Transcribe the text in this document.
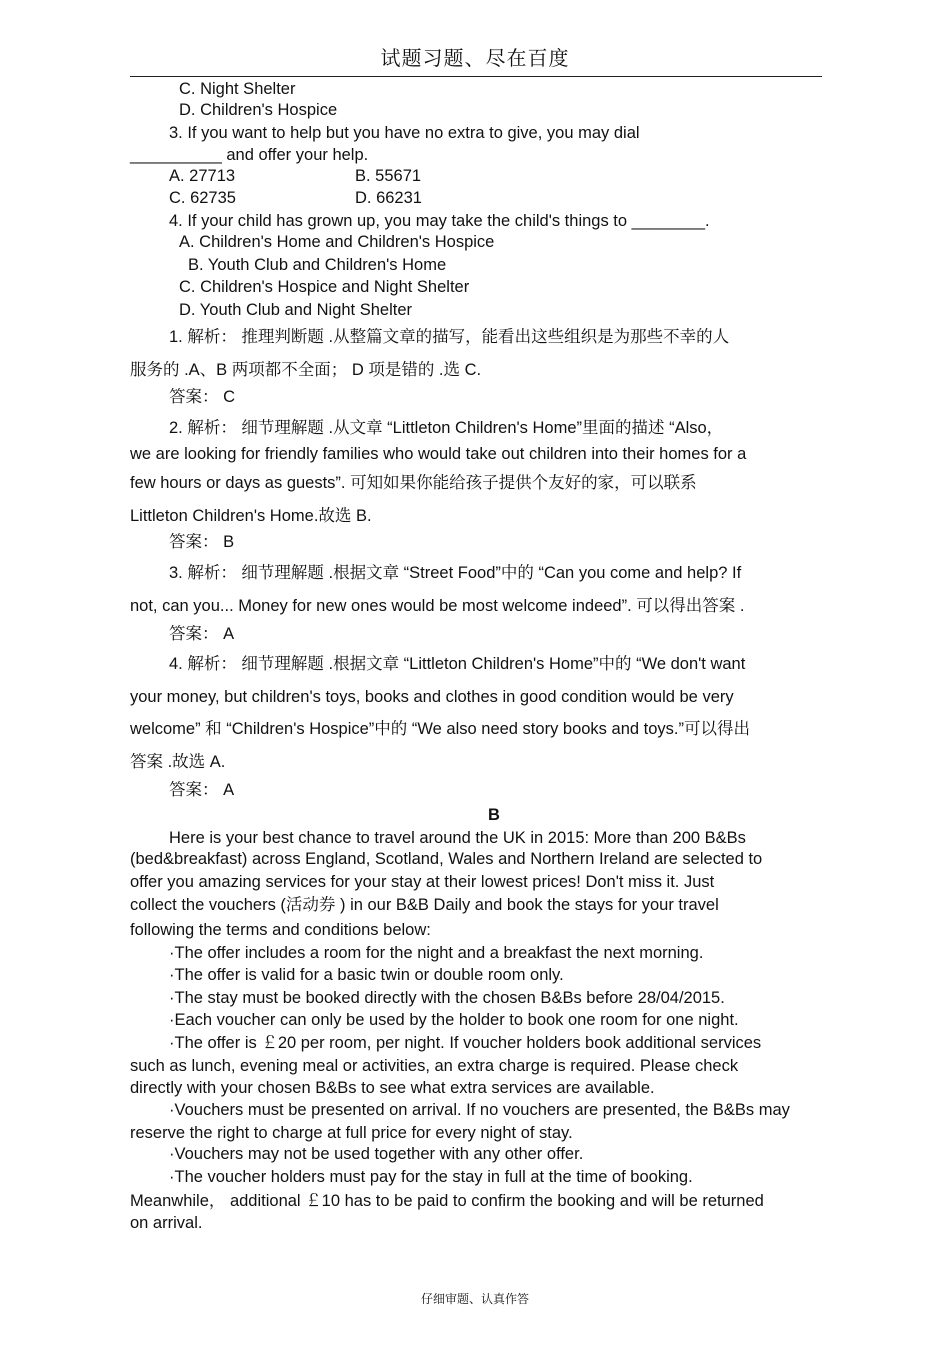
试题习题、尽在百度
C. Night Shelter
D. Children's Hospice
3. If you want to help but you have no extra to give, you may dial
__________ and offer your help.
A. 27713	B. 55671
C. 62735	D. 66231
4. If your child has grown up, you may take the child's things to ________.
A. Children's Home and Children's Hospice
B. Youth Club and Children's Home
C. Children's Hospice and Night Shelter
D. Youth Club and Night Shelter
1. 解析： 推理判断题 .从整篇文章的描写，能看出这些组织是为那些不幸的人
服务的 .A、B 两项都不全面； D 项是错的 .选 C.
答案： C
2. 解析： 细节理解题 .从文章 “Littleton Children's Home”里面的描述 “Also，
we are looking for friendly families who would take out children into their homes for a
few hours or days as guests”. 可知如果你能给孩子提供个友好的家，可以联系
Littleton Children's Home.故选 B.
答案： B
3. 解析： 细节理解题 .根据文章 “Street Food”中的 “Can you come and help? If
not, can you... Money for new ones would be most welcome indeed”. 可以得出答案 .
答案： A
4. 解析： 细节理解题 .根据文章 “Littleton Children's Home”中的 “We don't want
your money, but children's toys, books and clothes in good condition would be very
welcome” 和 “Children's Hospice”中的 “We also need story books and toys.”可以得出
答案 .故选 A.
答案： A
B
Here is your best chance to travel around the UK in 2015: More than 200 B&Bs
(bed&breakfast) across England, Scotland, Wales and Northern Ireland are selected to
offer you amazing services for your stay at their lowest prices! Don't miss it. Just
collect the vouchers (活动券 ) in our B&B Daily and book the stays for your travel
following the terms and conditions below:
·The offer includes a room for the night and a breakfast the next morning.
·The offer is valid for a basic twin or double room only.
·The stay must be booked directly with the chosen B&Bs before 28/04/2015.
·Each voucher can only be used by the holder to book one room for one night.
·The offer is ￡20 per room, per night. If voucher holders book additional services
such as lunch, evening meal or activities, an extra charge is required. Please check
directly with your chosen B&Bs to see what extra services are available.
·Vouchers must be presented on arrival. If no vouchers are presented, the B&Bs may
reserve the right to charge at full price for every night of stay.
·Vouchers may not be used together with any other offer.
·The voucher holders must pay for the stay in full at the time of booking.
Meanwhile， additional ￡10 has to be paid to confirm the booking and will be returned
on arrival.
仔细审题、认真作答
